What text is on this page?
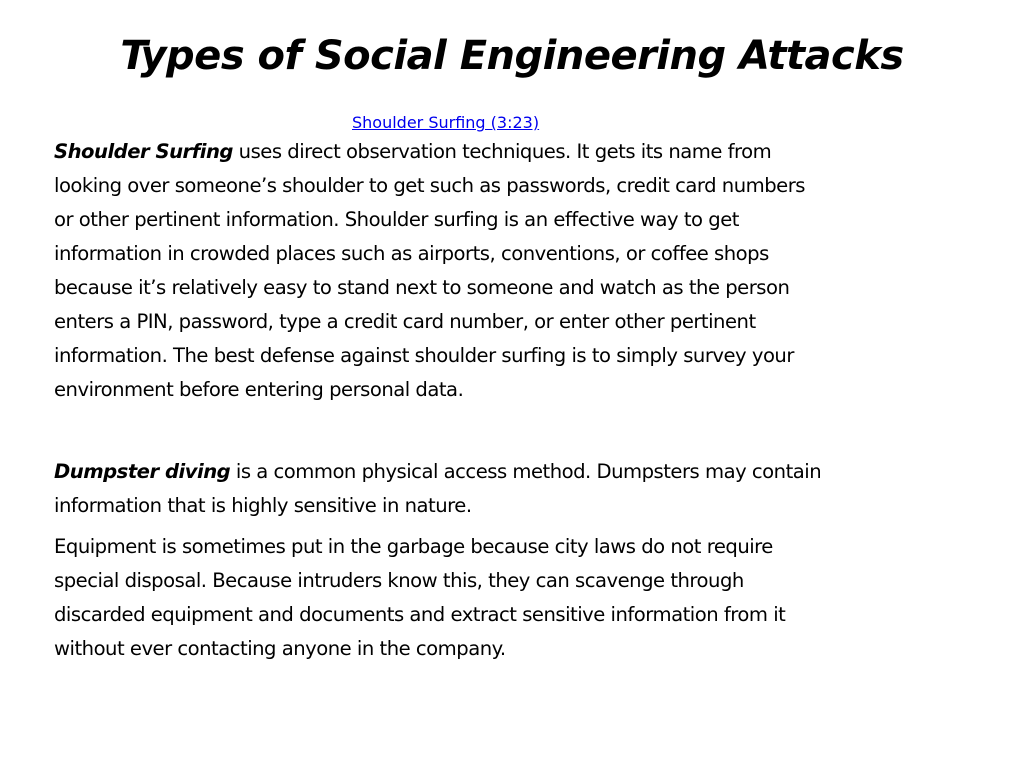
Types of Social Engineering Attacks
Shoulder Surfing (3:23)

Shoulder Surfing uses direct observation techniques. It gets its name from
looking over someone’s shoulder to get such as passwords, credit card numbers
or other pertinent information. Shoulder surfing is an effective way to get
information in crowded places such as airports, conventions, or coffee shops
because it’s relatively easy to stand next to someone and watch as the person
enters a PIN, password, type a credit card number, or enter other pertinent
information. The best defense against shoulder surfing is to simply survey your
environment before entering personal data.

Dumpster diving is a common physical access method. Dumpsters may contain
information that is highly sensitive in nature.

Equipment is sometimes put in the garbage because city laws do not require
special disposal. Because intruders know this, they can scavenge through
discarded equipment and documents and extract sensitive information from it
without ever contacting anyone in the company.
